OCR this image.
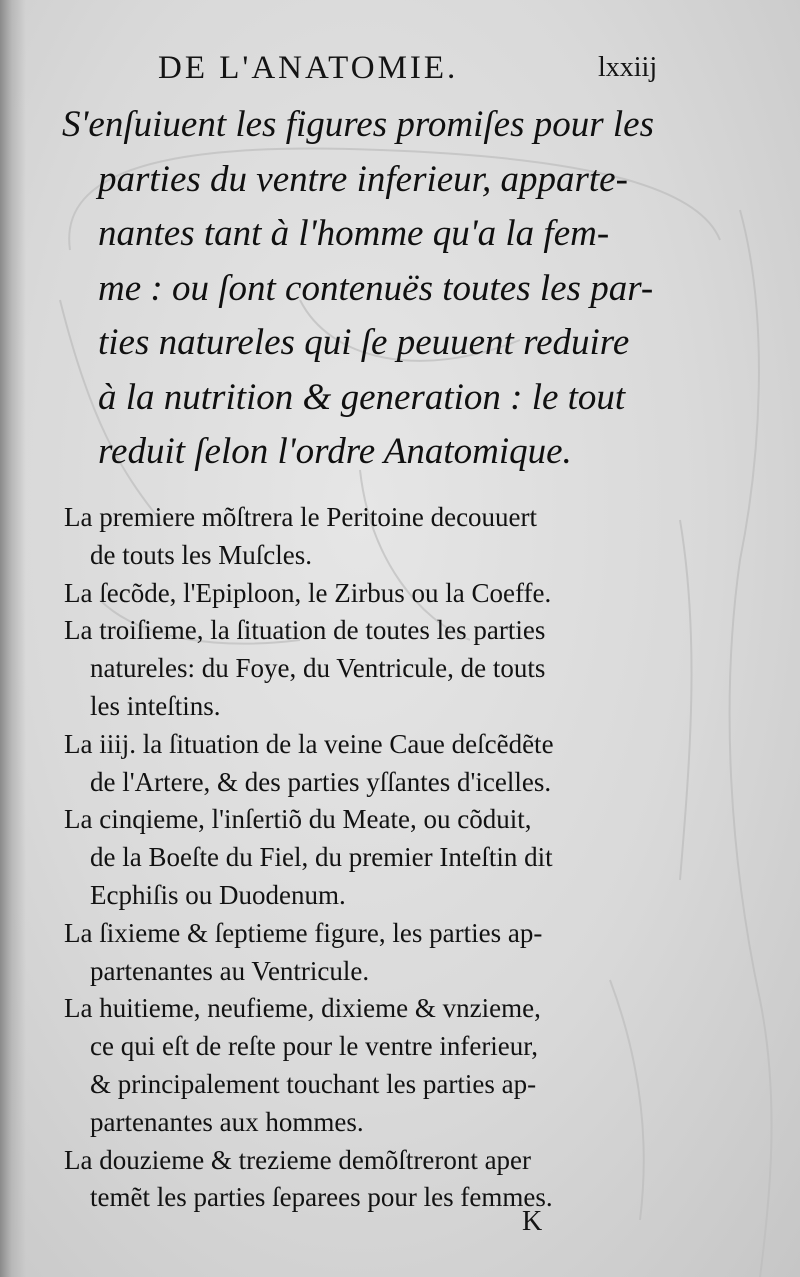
DE L'ANATOMIE.	lxxiij
S'enſuiuent les figures promiſes pour les
parties du ventre inferieur, apparte-
nantes tant à l'homme qu'a la fem-
me : ou ſont contenuës toutes les par-
ties natureles qui ſe peuuent reduire
à la nutrition & generation : le tout
reduit ſelon l'ordre Anatomique.
La premiere mõſtrera le Peritoine decouuert
de touts les Muſcles.
La ſecõde, l'Epiploon, le Zirbus ou la Coeffe.
La troiſieme, la ſituation de toutes les parties
natureles: du Foye, du Ventricule, de touts
les inteſtins.
La iiij. la ſituation de la veine Caue deſcẽdẽte
de l'Artere, & des parties yſſantes d'icelles.
La cinqieme, l'inſertiõ du Meate, ou cõduit,
de la Boeſte du Fiel, du premier Inteſtin dit
Ecphiſis ou Duodenum.
La ſixieme & ſeptieme figure, les parties ap-
partenantes au Ventricule.
La huitieme, neufieme, dixieme & vnzieme,
ce qui eſt de reſte pour le ventre inferieur,
& principalement touchant les parties ap-
partenantes aux hommes.
La douzieme & trezieme demõſtreront aper
temẽt les parties ſeparees pour les femmes.
K
